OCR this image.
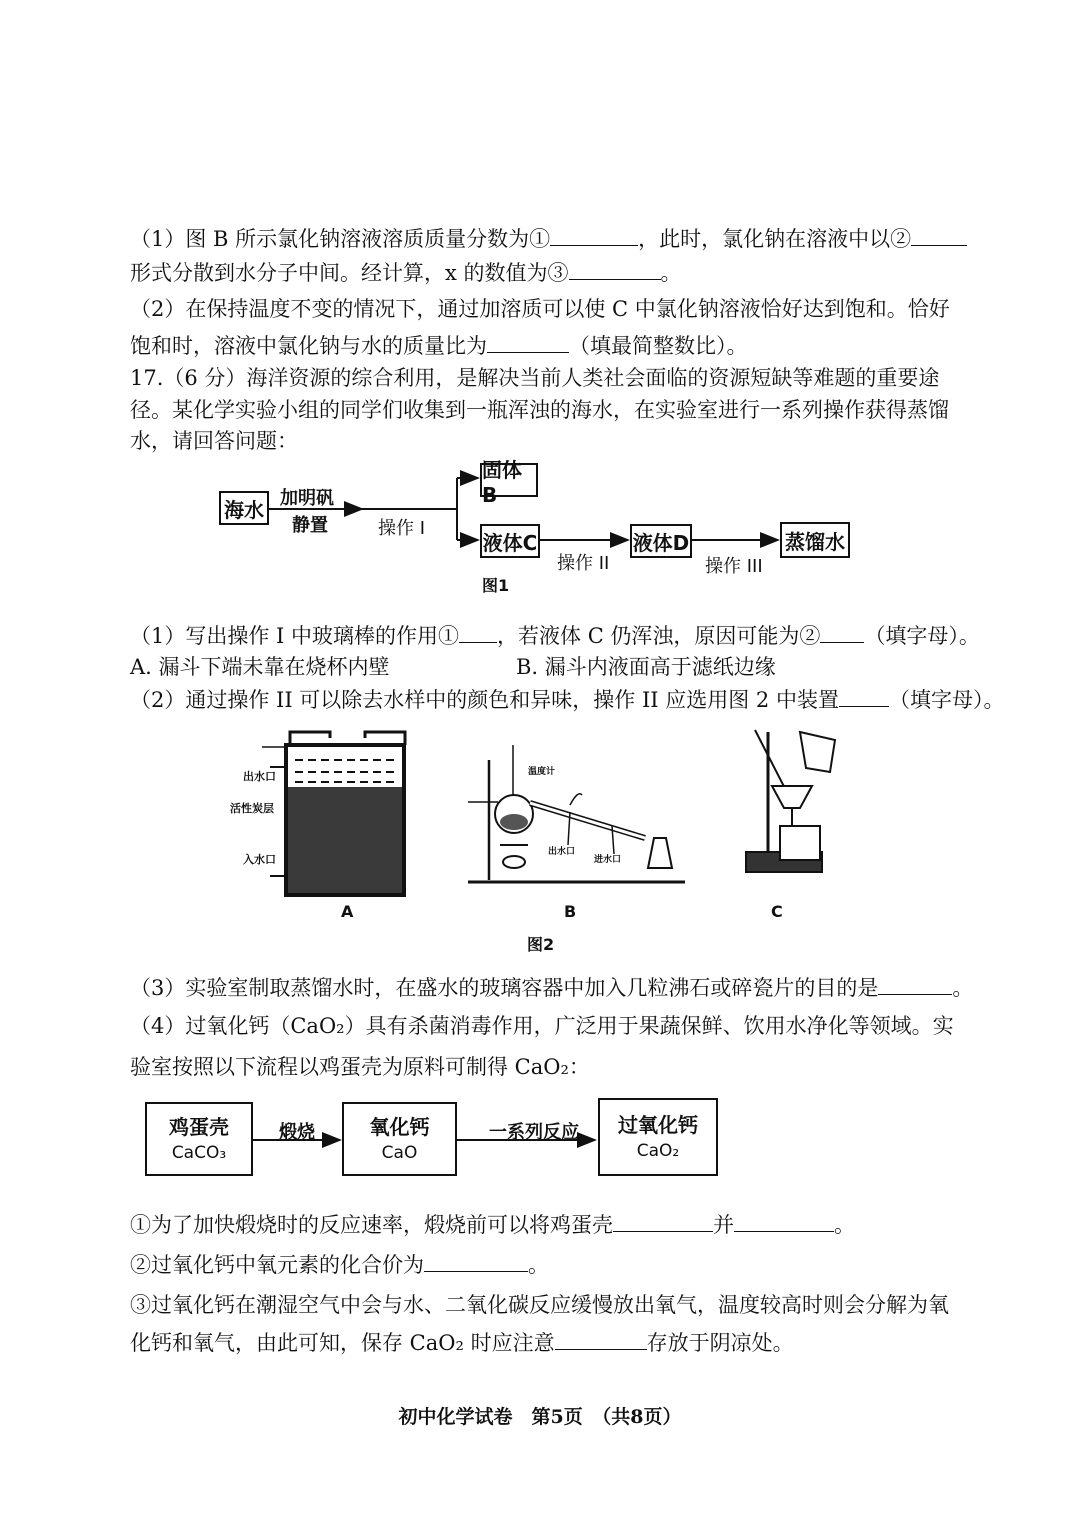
（1）图 B 所示氯化钠溶液溶质质量分数为①	，此时，氯化钠在溶液中以②
形式分散到水分子中间。经计算，x 的数值为③	。
（2）在保持温度不变的情况下，通过加溶质可以使 C 中氯化钠溶液恰好达到饱和。恰好
饱和时，溶液中氯化钠与水的质量比为	（填最简整数比）。
17.（6 分）海洋资源的综合利用，是解决当前人类社会面临的资源短缺等难题的重要途
径。某化学实验小组的同学们收集到一瓶浑浊的海水，在实验室进行一系列操作获得蒸馏
水，请回答问题：
海水 加明矾
静置	操作 I
固体B
液体C
操作 II
液体D
操作 III
蒸馏水
图1
（1）写出操作 I 中玻璃棒的作用① ，若液体 C 仍浑浊，原因可能为② （填字母）。
A. 漏斗下端未靠在烧杯内壁	B. 漏斗内液面高于滤纸边缘
（2）通过操作 II 可以除去水样中的颜色和异味，操作 II 应选用图 2 中装置 （填字母）。
出水口
活性炭层
入水口
A
温度计
出水口
进水口
B	C
图2
（3）实验室制取蒸馏水时，在盛水的玻璃容器中加入几粒沸石或碎瓷片的目的是	。
（4）过氧化钙（CaO₂）具有杀菌消毒作用，广泛用于果蔬保鲜、饮用水净化等领域。实
验室按照以下流程以鸡蛋壳为原料可制得 CaO₂：
鸡蛋壳
CaCO₃
煅烧	氧化钙
CaO
一系列反应 过氧化钙
CaO₂
①为了加快煅烧时的反应速率，煅烧前可以将鸡蛋壳	并	。
②过氧化钙中氧元素的化合价为	。
③过氧化钙在潮湿空气中会与水、二氧化碳反应缓慢放出氧气，温度较高时则会分解为氧
化钙和氧气，由此可知，保存 CaO₂ 时应注意	存放于阴凉处。
初中化学试卷　第5页　（共8页）
